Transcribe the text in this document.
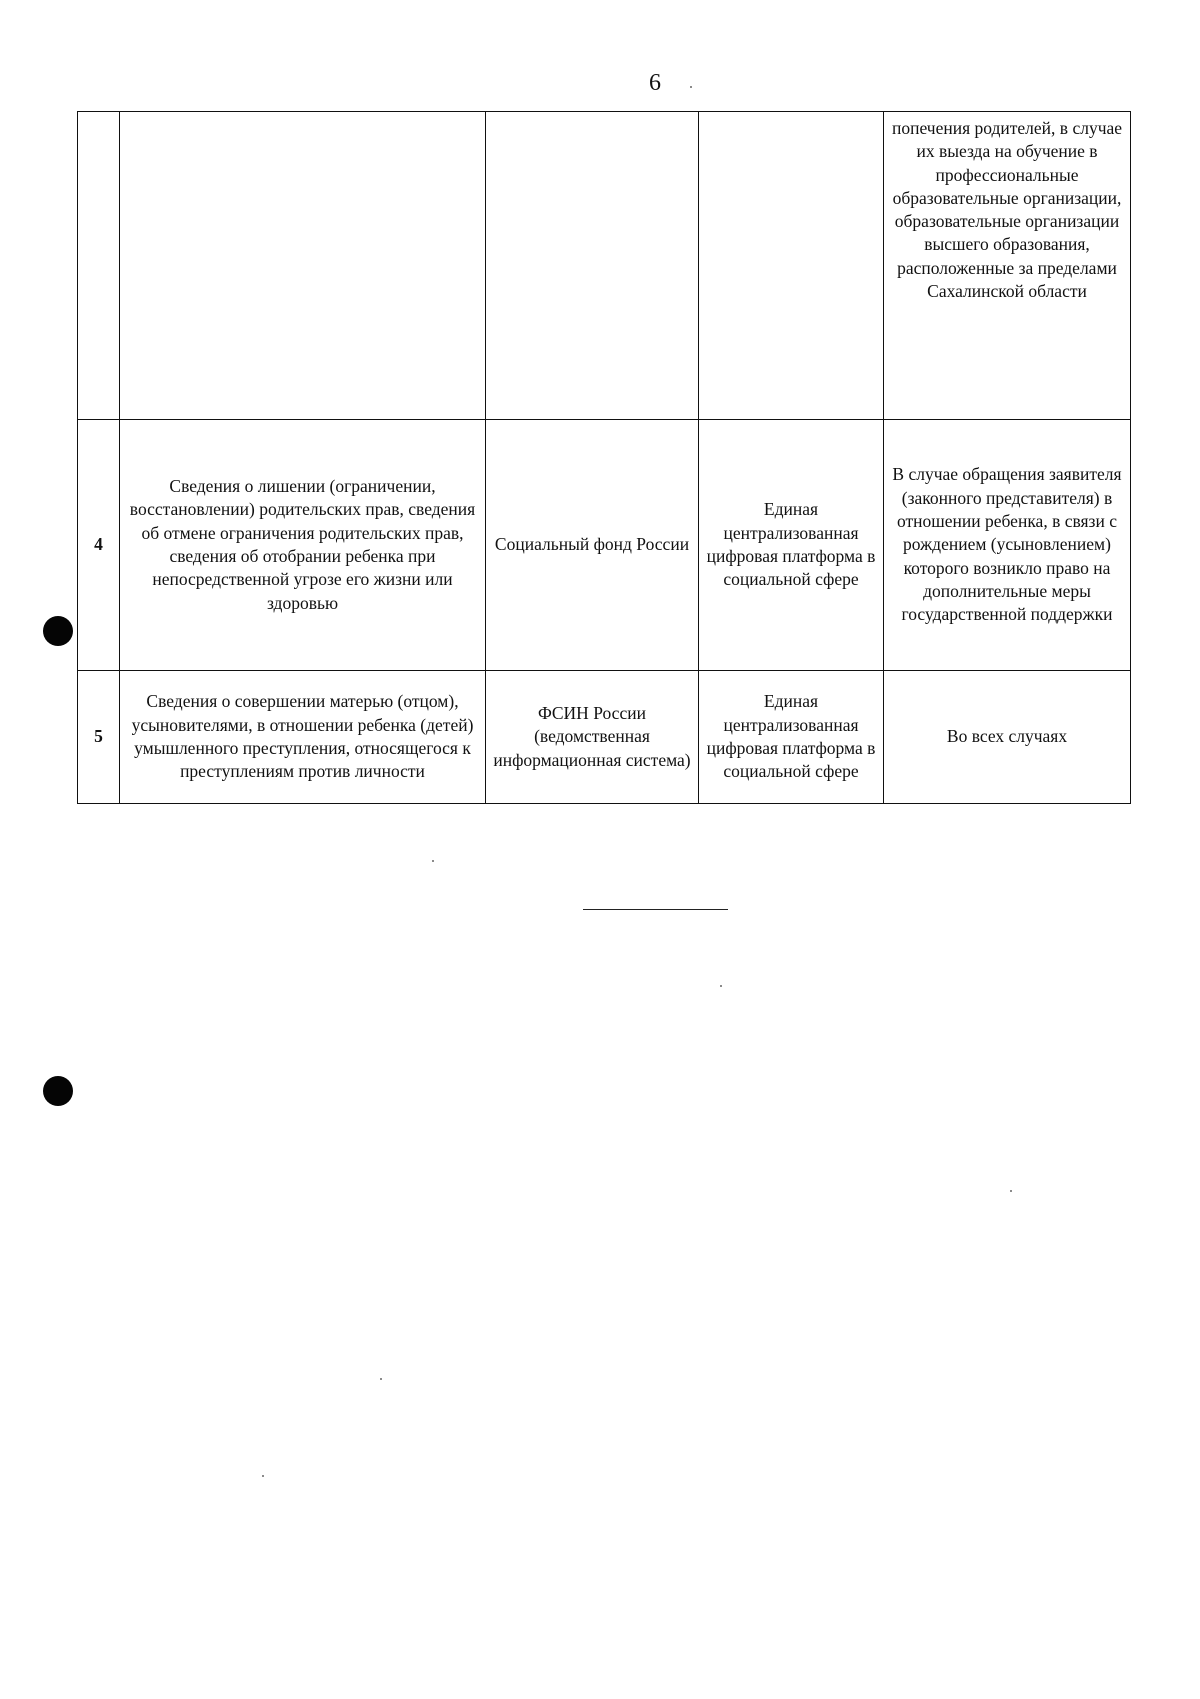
6
				попечения родителей, в случае их выезда на обучение в профессиональные образовательные организации, образовательные организации высшего образования, расположенные за пределами Сахалинской области
4	Сведения о лишении (ограничении, восстановлении) родительских прав, сведения об отмене ограничения родительских прав, сведения об отобрании ребенка при непосредственной угрозе его жизни или здоровью	Социальный фонд России	Единая централизованная цифровая платформа в социальной сфере	В случае обращения заявителя (законного представителя) в отношении ребенка, в связи с рождением (усыновлением) которого возникло право на дополнительные меры государственной поддержки
5	Сведения о совершении матерью (отцом), усыновителями, в отношении ребенка (детей) умышленного преступления, относящегося к преступлениям против личности	ФСИН России (ведомственная информационная система)	Единая централизованная цифровая платформа в социальной сфере	Во всех случаях
